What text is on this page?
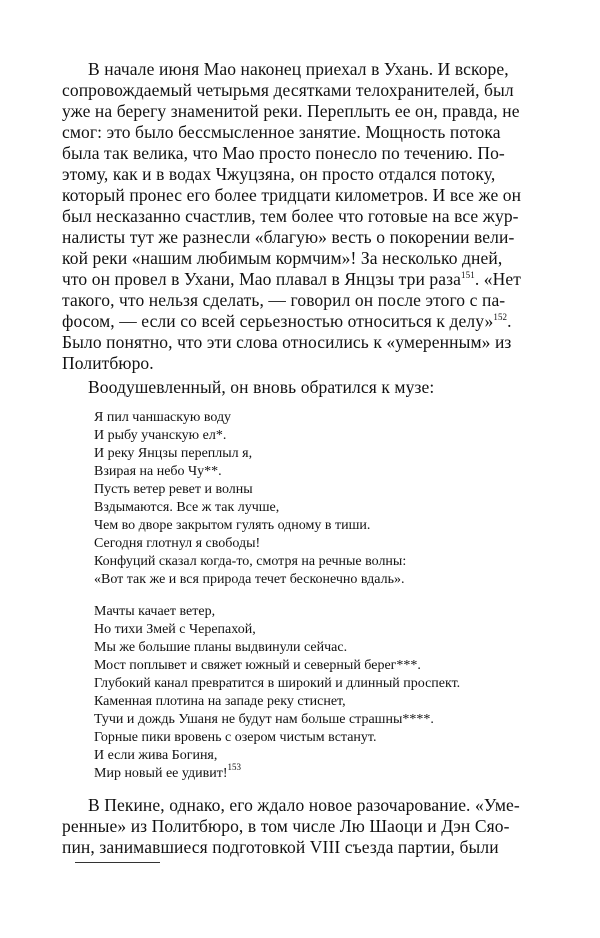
В начале июня Мао наконец приехал в Ухань. И вскоре,
сопровождаемый четырьмя десятками телохранителей, был
уже на берегу знаменитой реки. Переплыть ее он, правда, не
смог: это было бессмысленное занятие. Мощность потока
была так велика, что Мао просто понесло по течению. По-
этому, как и в водах Чжуцзяна, он просто отдался потоку,
который пронес его более тридцати километров. И все же он
был несказанно счастлив, тем более что готовые на все жур-
налисты тут же разнесли «благую» весть о покорении вели-
кой реки «нашим любимым кормчим»! За несколько дней,
что он провел в Ухани, Мао плавал в Янцзы три раза$^{151}$. «Нет
такого, что нельзя сделать, — говорил он после этого с па-
фосом, — если со всей серьезностью относиться к делу»$^{152}$.
Было понятно, что эти слова относились к «умеренным» из
Политбюро.
Воодушевленный, он вновь обратился к музе:
Я пил чаншаскую воду
И рыбу учанскую ел*.
И реку Янцзы переплыл я,
Взирая на небо Чу**.
Пусть ветер ревет и волны
Вздымаются. Все ж так лучше,
Чем во дворе закрытом гулять одному в тиши.
Сегодня глотнул я свободы!
Конфуций сказал когда-то, смотря на речные волны:
«Вот так же и вся природа течет бесконечно вдаль».
Мачты качает ветер,
Но тихи Змей с Черепахой,
Мы же большие планы выдвинули сейчас.
Мост поплывет и свяжет южный и северный берег***.
Глубокий канал превратится в широкий и длинный проспект.
Каменная плотина на западе реку стиснет,
Тучи и дождь Ушаня не будут нам больше страшны****.
Горные пики вровень с озером чистым встанут.
И если жива Богиня,
Мир новый ее удивит!$^{153}$
В Пекине, однако, его ждало новое разочарование. «Уме-
ренные» из Политбюро, в том числе Лю Шаоци и Дэн Сяо-
пин, занимавшиеся подготовкой VIII съезда партии, были
